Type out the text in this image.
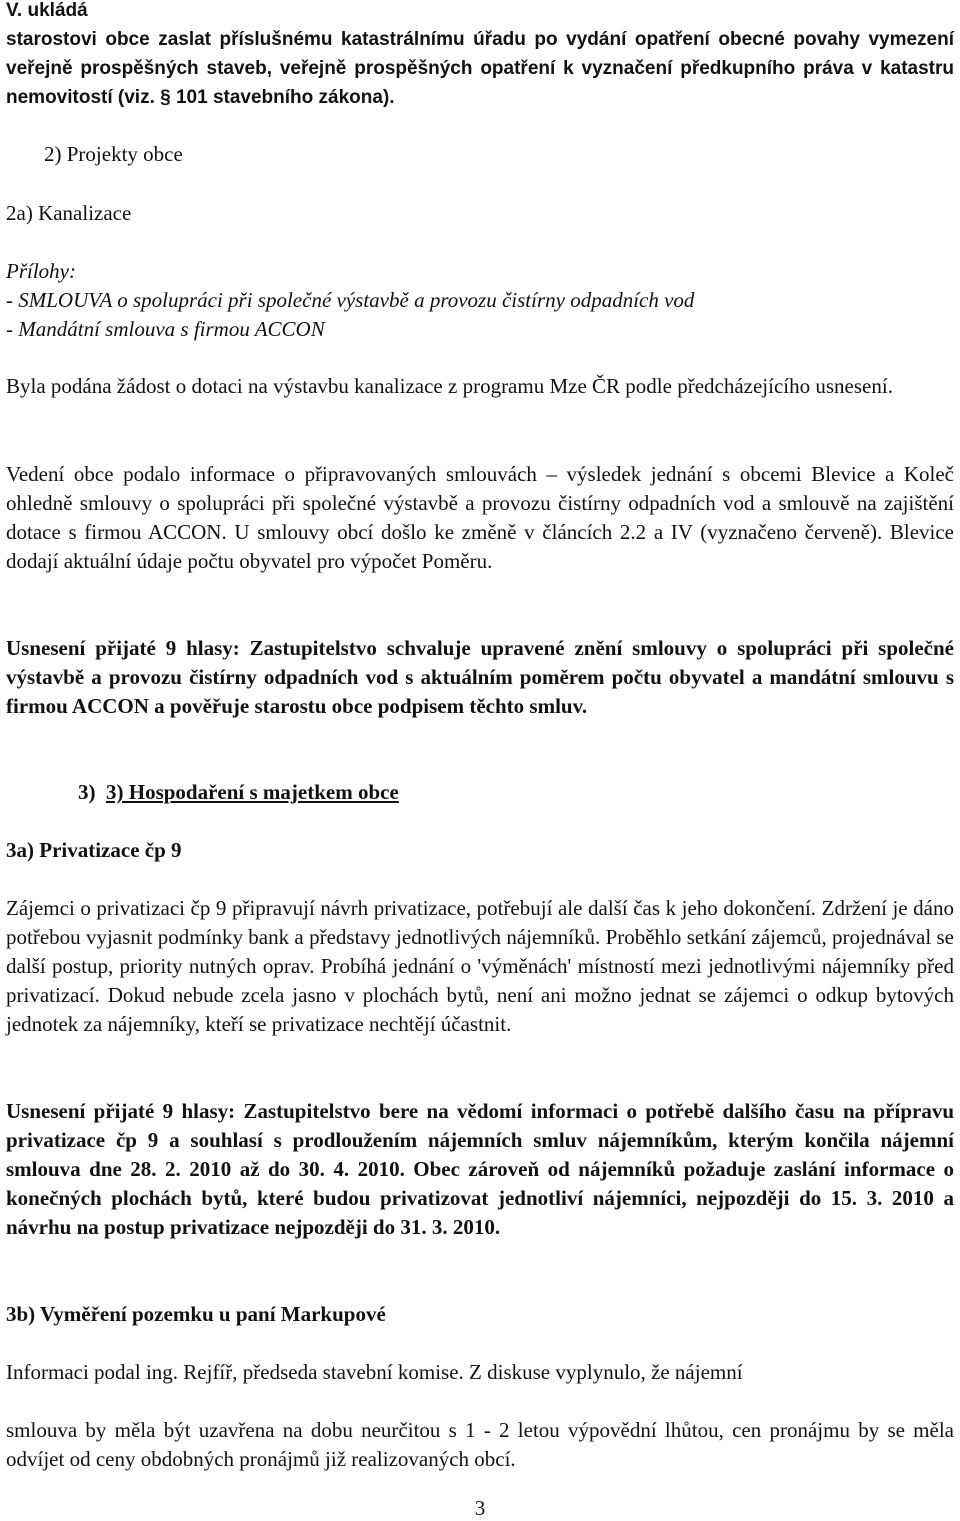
V. ukládá

starostovi obce zaslat příslušnému katastrálnímu úřadu po vydání opatření obecné povahy vymezení veřejně prospěšných staveb, veřejně prospěšných opatření k vyznačení předkupního práva v katastru nemovitostí (viz. § 101 stavebního zákona).

2) Projekty obce
2a) Kanalizace
Přílohy:
- SMLOUVA o spolupráci při společné výstavbě a provozu čistírny odpadních vod
- Mandátní smlouva s firmou ACCON

Byla podána žádost o dotaci na výstavbu kanalizace z programu Mze ČR podle předcházejícího usnesení.

Vedení obce podalo informace o připravovaných smlouvách – výsledek jednání s obcemi Blevice a Koleč ohledně smlouvy o spolupráci při společné výstavbě a provozu čistírny odpadních vod a smlouvě na zajištění dotace s firmou ACCON. U smlouvy obcí došlo ke změně v článcích 2.2 a IV (vyznačeno červeně). Blevice dodají aktuální údaje počtu obyvatel pro výpočet Poměru.

Usnesení přijaté 9 hlasy: Zastupitelstvo schvaluje upravené znění smlouvy o spolupráci při společné výstavbě a provozu čistírny odpadních vod s aktuálním poměrem počtu obyvatel a mandátní smlouvu s firmou ACCON a pověřuje starostu obce podpisem těchto smluv.

3)  3) Hospodaření s majetkem obce
3a) Privatizace čp 9

Zájemci o privatizaci čp 9 připravují návrh privatizace, potřebují ale další čas k jeho dokončení. Zdržení je dáno potřebou vyjasnit podmínky bank a představy jednotlivých nájemníků. Proběhlo setkání zájemců, projednával se další postup, priority nutných oprav. Probíhá jednání o 'výměnách' místností mezi jednotlivými nájemníky před privatizací. Dokud nebude zcela jasno v plochách bytů, není ani možno jednat se zájemci o odkup bytových jednotek za nájemníky, kteří se privatizace nechtějí účastnit.

Usnesení přijaté 9 hlasy: Zastupitelstvo bere na vědomí informaci o potřebě dalšího času na přípravu privatizace čp 9 a souhlasí s prodloužením nájemních smluv nájemníkům, kterým končila nájemní smlouva dne 28. 2. 2010 až do 30. 4. 2010. Obec zároveň od nájemníků požaduje zaslání informace o konečných plochách bytů, které budou privatizovat jednotliví nájemníci, nejpozději do 15. 3. 2010 a návrhu na postup privatizace nejpozději do 31. 3. 2010.

3b) Vyměření pozemku u paní Markupové

Informaci podal ing. Rejfíř, předseda stavební komise. Z diskuse vyplynulo, že nájemní

smlouva by měla být uzavřena na dobu neurčitou s 1 - 2 letou výpovědní lhůtou, cen pronájmu by se měla odvíjet od ceny obdobných pronájmů již realizovaných obcí.

3
